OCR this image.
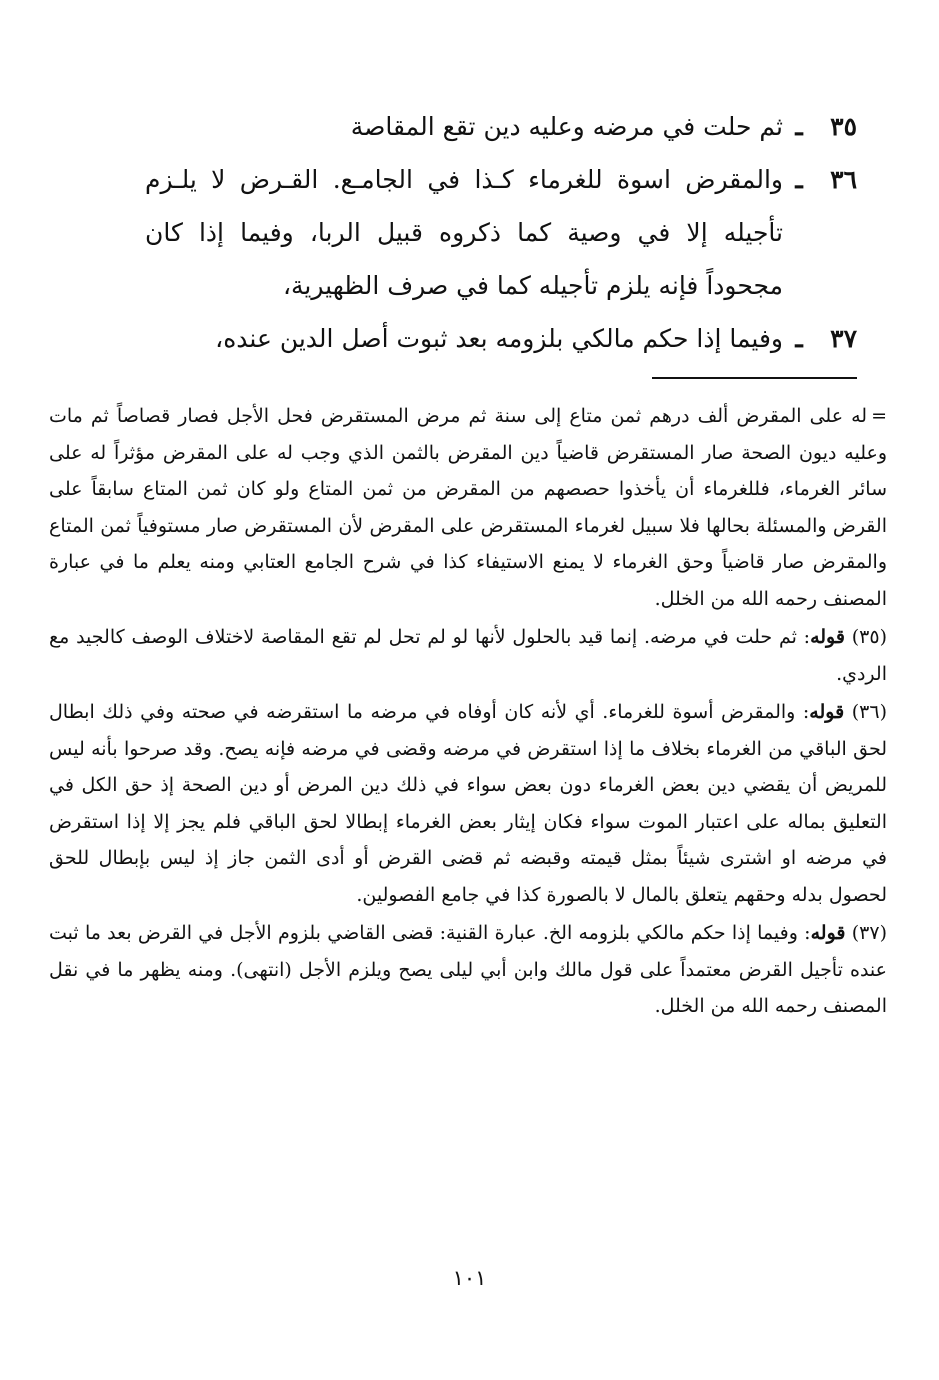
٣٥
ـ
ثم حلت في مرضه وعليه دين تقع المقاصة
٣٦
ـ
والمقرض اسوة للغرماء كـذا في الجامـع. القـرض لا يلـزم تأجيله إلا في وصية كما ذكروه قبيل الربا، وفيما إذا كان مجحوداً فإنه يلزم تأجيله كما في صرف الظهيرية،
٣٧
ـ
وفيما إذا حكم مالكي بلزومه بعد ثبوت أصل الدين عنده،

=له على المقرض ألف درهم ثمن متاع إلى سنة ثم مرض المستقرض فحل الأجل فصار قصاصاً ثم مات وعليه ديون الصحة صار المستقرض قاضياً دين المقرض بالثمن الذي وجب له على المقرض مؤثراً له على سائر الغرماء، فللغرماء أن يأخذوا حصصهم من المقرض من ثمن المتاع ولو كان ثمن المتاع سابقاً على القرض والمسئلة بحالها فلا سبيل لغرماء المستقرض على المقرض لأن المستقرض صار مستوفياً ثمن المتاع والمقرض صار قاضياً وحق الغرماء لا يمنع الاستيفاء كذا في شرح الجامع العتابي ومنه يعلم ما في عبارة المصنف رحمه الله من الخلل.

(٣٥) قوله: ثم حلت في مرضه. إنما قيد بالحلول لأنها لو لم تحل لم تقع المقاصة لاختلاف الوصف كالجيد مع الردي.

(٣٦) قوله: والمقرض أسوة للغرماء. أي لأنه كان أوفاه في مرضه ما استقرضه في صحته وفي ذلك ابطال لحق الباقي من الغرماء بخلاف ما إذا استقرض في مرضه وقضى في مرضه فإنه يصح. وقد صرحوا بأنه ليس للمريض أن يقضي دين بعض الغرماء دون بعض سواء في ذلك دين المرض أو دين الصحة إذ حق الكل في التعليق بماله على اعتبار الموت سواء فكان إيثار بعض الغرماء إبطالا لحق الباقي فلم يجز إلا إذا استقرض في مرضه او اشترى شيئاً بمثل قيمته وقبضه ثم قضى القرض أو أدى الثمن جاز إذ ليس بإبطال للحق لحصول بدله وحقهم يتعلق بالمال لا بالصورة كذا في جامع الفصولين.

(٣٧) قوله: وفيما إذا حكم مالكي بلزومه الخ. عبارة القنية: قضى القاضي بلزوم الأجل في القرض بعد ما ثبت عنده تأجيل القرض معتمداً على قول مالك وابن أبي ليلى يصح ويلزم الأجل (انتهى). ومنه يظهر ما في نقل المصنف رحمه الله من الخلل.

١٠١
